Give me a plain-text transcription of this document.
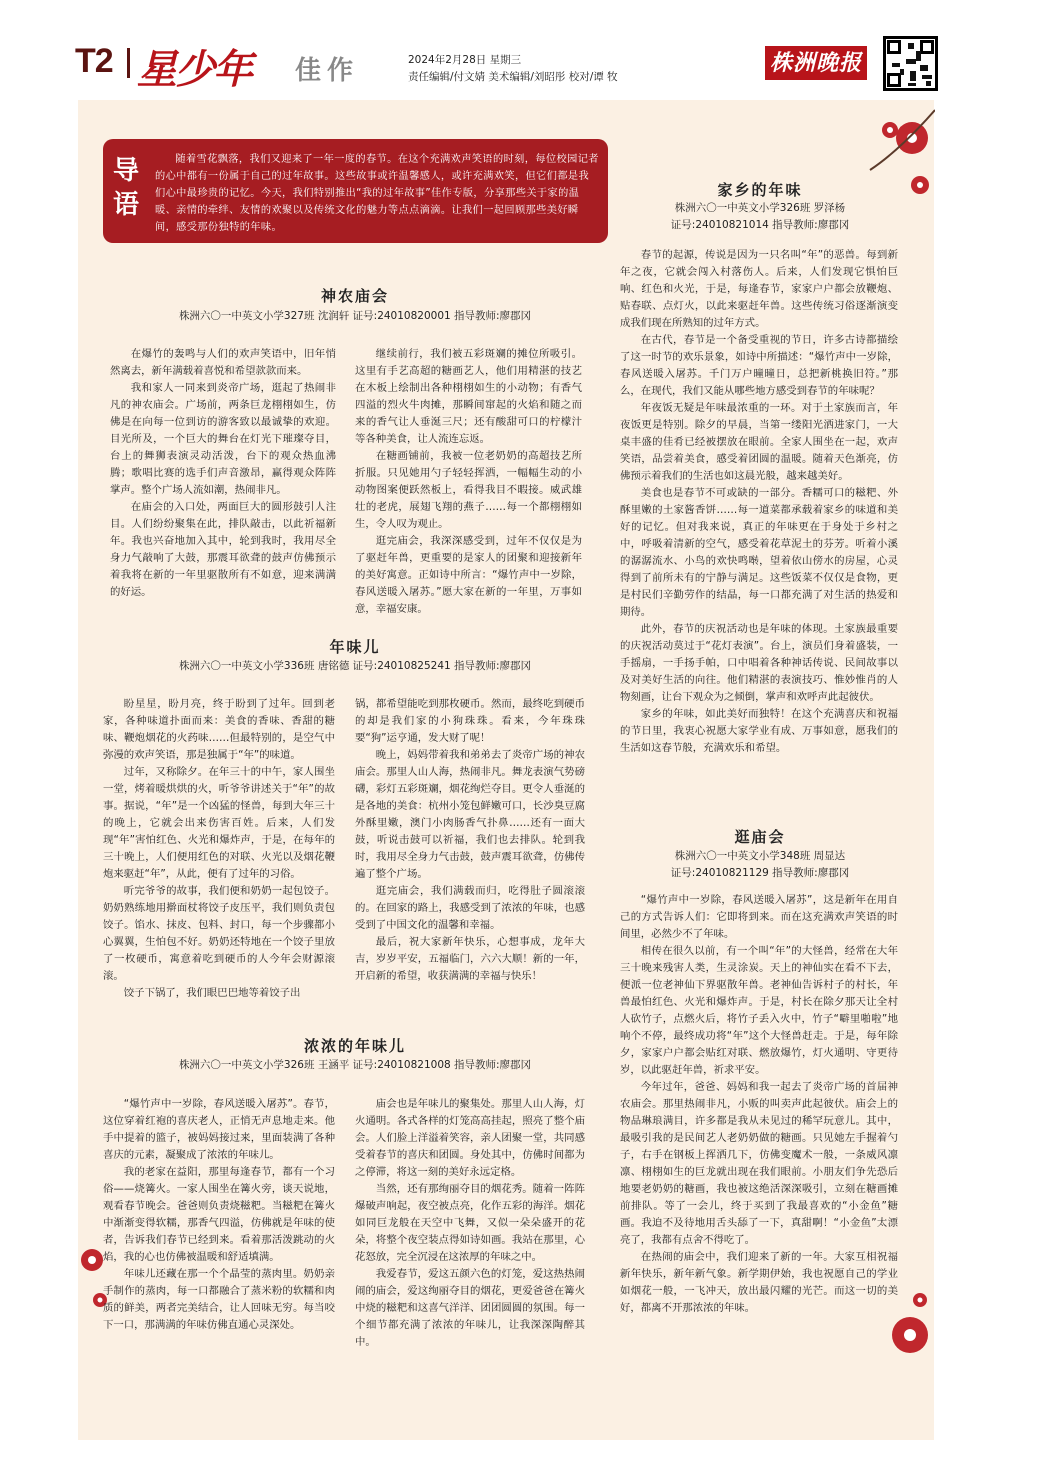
T2 星少年 佳作	2024年2月28日 星期三
责任编辑/付文婧 美术编辑/刘昭彤 校对/谭 牧
株洲晚报
导语
随着雪花飘落，我们又迎来了一年一度的春节。在这个充满欢声笑语的时刻，每位校园记者的心中都有一份属于自己的过年故事。这些故事或许温馨感人，或许充满欢笑，但它们都是我们心中最珍贵的记忆。今天，我们特别推出“我的过年故事”佳作专版，分享那些关于家的温暖、亲情的牵绊、友情的欢聚以及传统文化的魅力等点点滴滴。让我们一起回顾那些美好瞬间，感受那份独特的年味。
神农庙会
株洲六〇一中英文小学327班 沈润轩 证号:24010820001 指导教师:廖郡冈

在爆竹的轰鸣与人们的欢声笑语中，旧年悄然离去，新年满载着喜悦和希望款款而来。

我和家人一同来到炎帝广场，逛起了热闹非凡的神农庙会。广场前，两条巨龙栩栩如生，仿佛是在向每一位到访的游客致以最诚挚的欢迎。目光所及，一个巨大的舞台在灯光下璀璨夺目，台上的舞狮表演灵动活泼，台下的观众热血沸腾；歌唱比赛的选手们声音激昂，赢得观众阵阵掌声。整个广场人流如潮，热闹非凡。

在庙会的入口处，两面巨大的圆形鼓引人注目。人们纷纷聚集在此，排队敲击，以此祈福新年。我也兴奋地加入其中，轮到我时，我用尽全身力气敲响了大鼓，那震耳欲聋的鼓声仿佛预示着我将在新的一年里驱散所有不如意，迎来满满的好运。

继续前行，我们被五彩斑斓的摊位所吸引。这里有手艺高超的糖画艺人，他们用精湛的技艺在木板上绘制出各种栩栩如生的小动物；有香气四溢的烈火牛肉摊，那瞬间窜起的火焰和随之而来的香气让人垂涎三尺；还有酸甜可口的柠檬汁等各种美食，让人流连忘返。

在糖画铺前，我被一位老奶奶的高超技艺所折服。只见她用勺子轻轻挥洒，一幅幅生动的小动物图案便跃然板上，看得我目不暇接。威武雄壮的老虎，展翅飞翔的燕子……每一个都栩栩如生，令人叹为观止。

逛完庙会，我深深感受到，过年不仅仅是为了驱赶年兽，更重要的是家人的团聚和迎接新年的美好寓意。正如诗中所言：“爆竹声中一岁除，春风送暖入屠苏。”愿大家在新的一年里，万事如意，幸福安康。

年味儿
株洲六〇一中英文小学336班 唐铭德 证号:24010825241 指导教师:廖郡冈

盼星星，盼月亮，终于盼到了过年。回到老家，各种味道扑面而来：美食的香味、香甜的糖味、鞭炮烟花的火药味……但最特别的，是空气中弥漫的欢声笑语，那是独属于“年”的味道。

过年，又称除夕。在年三十的中午，家人围坐一堂，烤着暖烘烘的火，听爷爷讲述关于“年”的故事。据说，“年”是一个凶猛的怪兽，每到大年三十的晚上，它就会出来伤害百姓。后来，人们发现“年”害怕红色、火光和爆炸声，于是，在每年的三十晚上，人们便用红色的对联、火光以及烟花鞭炮来驱赶“年”，从此，便有了过年的习俗。

听完爷爷的故事，我们便和奶奶一起包饺子。奶奶熟练地用擀面杖将饺子皮压平，我们则负责包饺子。馅水、抹皮、包料、封口，每一个步骤都小心翼翼，生怕包不好。奶奶还特地在一个饺子里放了一枚硬币，寓意着吃到硬币的人今年会财源滚滚。

饺子下锅了，我们眼巴巴地等着饺子出

锅，都希望能吃到那枚硬币。然而，最终吃到硬币的却是我们家的小狗珠珠。看来，今年珠珠要“狗”运亨通，发大财了呢！

晚上，妈妈带着我和弟弟去了炎帝广场的神农庙会。那里人山人海，热闹非凡。舞龙表演气势磅礴，彩灯五彩斑斓，烟花绚烂夺目。更令人垂涎的是各地的美食：杭州小笼包鲜嫩可口，长沙臭豆腐外酥里嫩，澳门小肉肠香气扑鼻……还有一面大鼓，听说击鼓可以祈福，我们也去排队。轮到我时，我用尽全身力气击鼓，鼓声震耳欲聋，仿佛传遍了整个广场。

逛完庙会，我们满载而归，吃得肚子圆滚滚的。在回家的路上，我感受到了浓浓的年味，也感受到了中国文化的温馨和幸福。

最后，祝大家新年快乐，心想事成，龙年大吉，岁岁平安，五福临门，六六大顺！新的一年，开启新的希望，收获满满的幸福与快乐！

浓浓的年味儿
株洲六〇一中英文小学326班 王涵平 证号:24010821008 指导教师:廖郡冈

“爆竹声中一岁除，春风送暖入屠苏”。春节，这位穿着红袍的喜庆老人，正悄无声息地走来。他手中提着的篮子，被妈妈接过来，里面装满了各种喜庆的元素，凝聚成了浓浓的年味儿。

我的老家在益阳，那里每逢春节，都有一个习俗——烧篝火。一家人围坐在篝火旁，谈天说地，观看春节晚会。爸爸则负责烧糍粑。当糍粑在篝火中渐渐变得软糯，那香气四溢，仿佛就是年味的使者，告诉我们春节已经到来。看着那活泼跳动的火焰，我的心也仿佛被温暖和舒适填满。

年味儿还藏在那一个个晶莹的蒸肉里。奶奶亲手制作的蒸肉，每一口都融合了蒸米粉的软糯和肉质的鲜美，两者完美结合，让人回味无穷。每当咬下一口，那满满的年味仿佛直通心灵深处。

庙会也是年味儿的聚集处。那里人山人海，灯火通明。各式各样的灯笼高高挂起，照亮了整个庙会。人们脸上洋溢着笑容，亲人团聚一堂，共同感受着春节的喜庆和团圆。身处其中，仿佛时间都为之停滞，将这一刻的美好永远定格。

当然，还有那绚丽夺目的烟花秀。随着一阵阵爆破声响起，夜空被点亮，化作五彩的海洋。烟花如同巨龙般在天空中飞舞，又似一朵朵盛开的花朵，将整个夜空装点得如诗如画。我站在那里，心花怒放，完全沉浸在这浓厚的年味之中。

我爱春节，爱这五颜六色的灯笼，爱这热热闹闹的庙会，爱这绚丽夺目的烟花，更爱爸爸在篝火中烧的糍粑和这喜气洋洋、团团圆圆的氛围。每一个细节都充满了浓浓的年味儿，让我深深陶醉其中。

家乡的年味
株洲六〇一中英文小学326班 罗泽杨
证号:24010821014 指导教师:廖郡冈

春节的起源，传说是因为一只名叫“年”的恶兽。每到新年之夜，它就会闯入村落伤人。后来，人们发现它惧怕巨响、红色和火光，于是，每逢春节，家家户户都会放鞭炮、贴春联、点灯火，以此来驱赶年兽。这些传统习俗逐渐演变成我们现在所熟知的过年方式。

在古代，春节是一个备受重视的节日，许多古诗都描绘了这一时节的欢乐景象，如诗中所描述：“爆竹声中一岁除，春风送暖入屠苏。千门万户曈曈日，总把新桃换旧符。”那么，在现代，我们又能从哪些地方感受到春节的年味呢？

年夜饭无疑是年味最浓重的一环。对于土家族而言，年夜饭更是特别。除夕的早晨，当第一缕阳光洒进家门，一大桌丰盛的佳肴已经被摆放在眼前。全家人围坐在一起，欢声笑语，品尝着美食，感受着团圆的温暖。随着天色渐亮，仿佛预示着我们的生活也如这晨光般，越来越美好。

美食也是春节不可或缺的一部分。香糯可口的糍粑、外酥里嫩的土家酱香饼……每一道菜都承载着家乡的味道和美好的记忆。但对我来说，真正的年味更在于身处于乡村之中，呼吸着清新的空气，感受着花草泥土的芬芳。听着小溪的潺潺流水、小鸟的欢快鸣啭，望着依山傍水的房屋，心灵得到了前所未有的宁静与满足。这些饭菜不仅仅是食物，更是村民们辛勤劳作的结晶，每一口都充满了对生活的热爱和期待。

此外，春节的庆祝活动也是年味的体现。土家族最重要的庆祝活动莫过于“花灯表演”。台上，演员们身着盛装，一手摇扇，一手扬手帕，口中唱着各种神话传说、民间故事以及对美好生活的向往。他们精湛的表演技巧、惟妙惟肖的人物刻画，让台下观众为之倾倒，掌声和欢呼声此起彼伏。

家乡的年味，如此美好而独特！在这个充满喜庆和祝福的节日里，我衷心祝愿大家学业有成、万事如意，愿我们的生活如这春节般，充满欢乐和希望。

逛庙会
株洲六〇一中英文小学348班 周显达
证号:24010821129 指导教师:廖郡冈

“爆竹声中一岁除，春风送暖入屠苏”，这是新年在用自己的方式告诉人们：它即将到来。而在这充满欢声笑语的时间里，必然少不了年味。

相传在很久以前，有一个叫“年”的大怪兽，经常在大年三十晚来残害人类，生灵涂炭。天上的神仙实在看不下去，便派一位老神仙下界驱散年兽。老神仙告诉村子的村长，年兽最怕红色、火光和爆炸声。于是，村长在除夕那天让全村人砍竹子，点燃火后，将竹子丢入火中，竹子“噼里啪啦”地响个不停，最终成功将“年”这个大怪兽赶走。于是，每年除夕，家家户户都会贴红对联、燃放爆竹，灯火通明、守更待岁，以此驱赶年兽，祈求平安。

今年过年，爸爸、妈妈和我一起去了炎帝广场的首届神农庙会。那里热闹非凡，小贩的叫卖声此起彼伏。庙会上的物品琳琅满目，许多都是我从未见过的稀罕玩意儿。其中，最吸引我的是民间艺人老奶奶做的糖画。只见她左手握着勺子，右手在钢板上挥洒几下，仿佛变魔术一般，一条威风凛凛、栩栩如生的巨龙就出现在我们眼前。小朋友们争先恐后地要老奶奶的糖画，我也被这绝活深深吸引，立刻在糖画摊前排队。等了一会儿，终于买到了我最喜欢的“小金鱼”糖画。我迫不及待地用舌头舔了一下，真甜啊！“小金鱼”太漂亮了，我都有点舍不得吃了。

在热闹的庙会中，我们迎来了新的一年。大家互相祝福新年快乐，新年新气象。新学期伊始，我也祝愿自己的学业如烟花一般，一飞冲天，放出最闪耀的光芒。而这一切的美好，都离不开那浓浓的年味。
